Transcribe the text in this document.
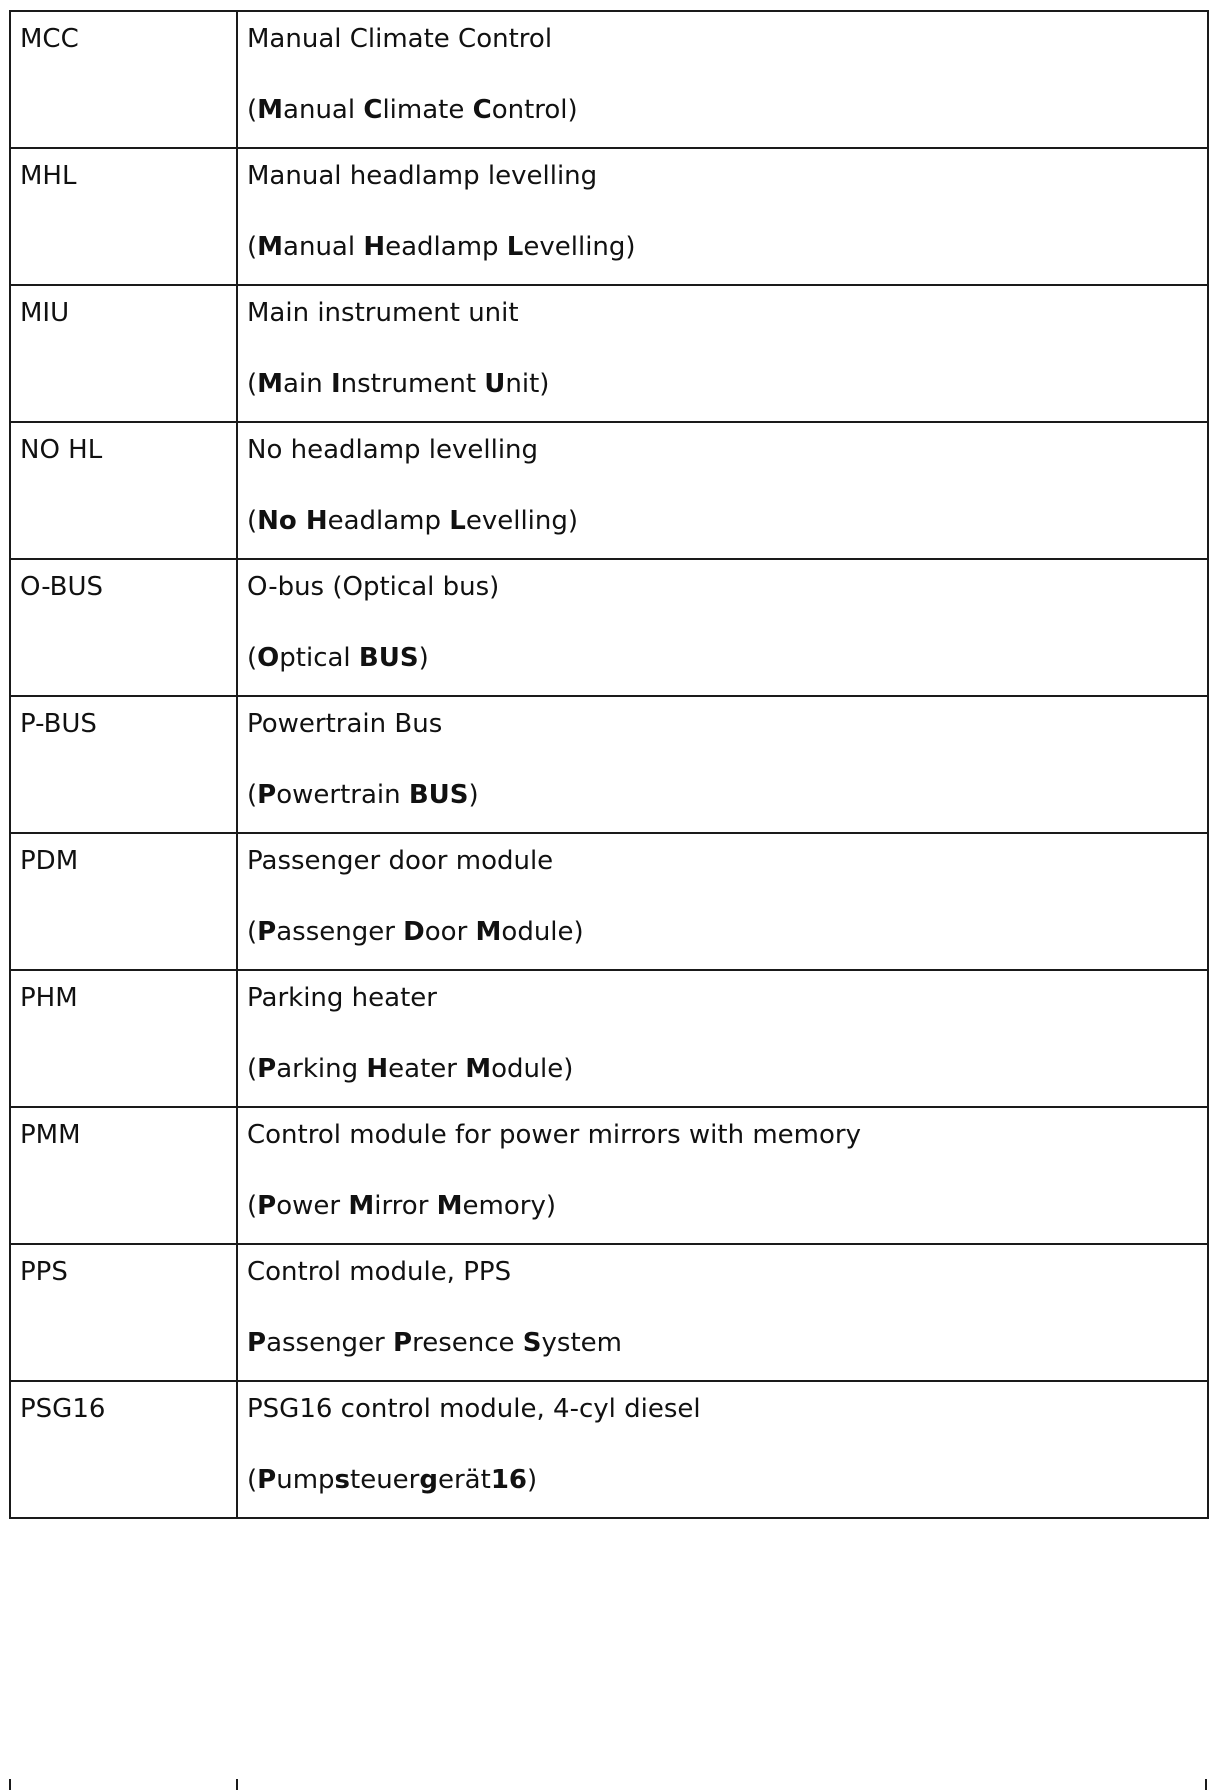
MCC	Manual Climate Control
(Manual Climate Control)

MHL	Manual headlamp levelling
(Manual Headlamp Levelling)

MIU	Main instrument unit
(Main Instrument Unit)

NO HL	No headlamp levelling
(No Headlamp Levelling)

O-BUS	O-bus (Optical bus)
(Optical BUS)

P-BUS	Powertrain Bus
(Powertrain BUS)

PDM	Passenger door module
(Passenger Door Module)

PHM	Parking heater
(Parking Heater Module)

PMM	Control module for power mirrors with memory
(Power Mirror Memory)

PPS	Control module, PPS
Passenger Presence System

PSG16	PSG16 control module, 4-cyl diesel
(Pumpsteuergerät16)
